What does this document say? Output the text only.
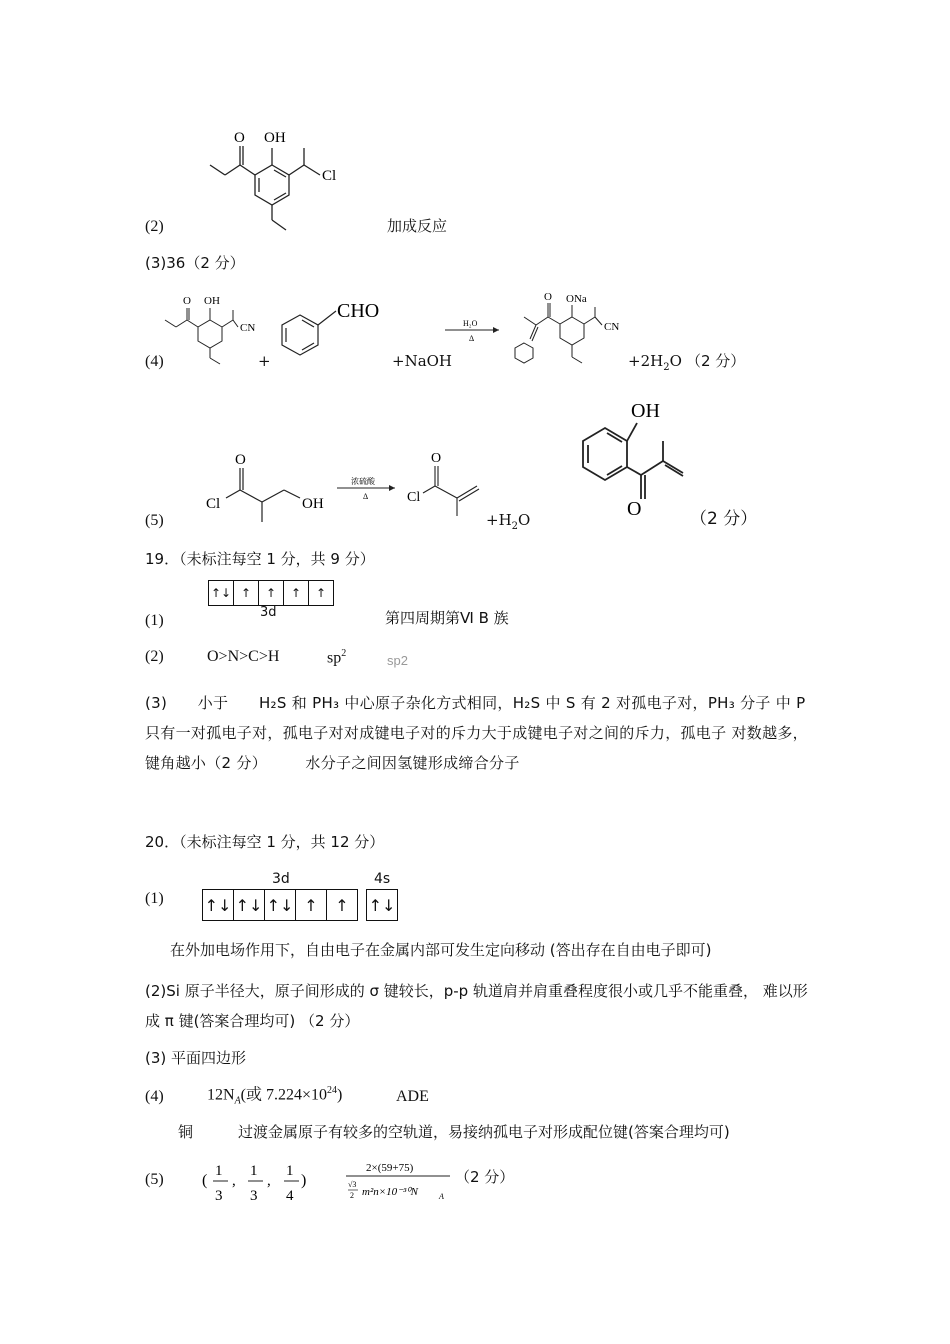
O OH
Cl
(2)	加成反应
(3)36（2 分）
(4)
O OH
CN
+
CHO
+NaOH
H₂O
Δ
O ONa
CN
$+2H_2O$ （2 分）
(5)
O
Cl	OH
浓硫酸
Δ
O
Cl
$+H_2O$
OH
O	（2 分）
19．（未标注每空 1 分，共 9 分）
↑↓ ↑	↑	↑	↑
3d
(1)	第四周期第Ⅵ B 族
(2)	O>N>C>H	$sp^2$	sp2
(3)　　小于　　H₂S 和 PH₃ 中心原子杂化方式相同，H₂S 中 S 有 2 对孤电子对，PH₃ 分子 中 P 只有一对孤电子对，孤电子对对成键电子对的斥力大于成键电子对之间的斥力，孤电子 对数越多，键角越小（2 分）　　　水分子之间因氢键形成缔合分子
20．（未标注每空 1 分，共 12 分）
3d	4s
↑↓ ↑↓ ↑↓ ↑	↑	↑↓
(1)
在外加电场作用下，自由电子在金属内部可发生定向移动 (答出存在自由电子即可)
(2)Si 原子半径大，原子间形成的 σ 键较长，p-p 轨道肩并肩重叠程度很小或几乎不能重叠， 难以形成 π 键(答案合理均可) （2 分）
(3) 平面四边形
(4)	$12N_A$(或 $7.224\times 10^{24}$)	ADE
铜　　　过渡金属原子有较多的空轨道，易接纳孤电子对形成配位键(答案合理均可)
(5) (
1
3
,
1
3
,
1
4
)
2×(59+75)
√3
2 m²n×10⁻³⁰N	A
（2 分）
